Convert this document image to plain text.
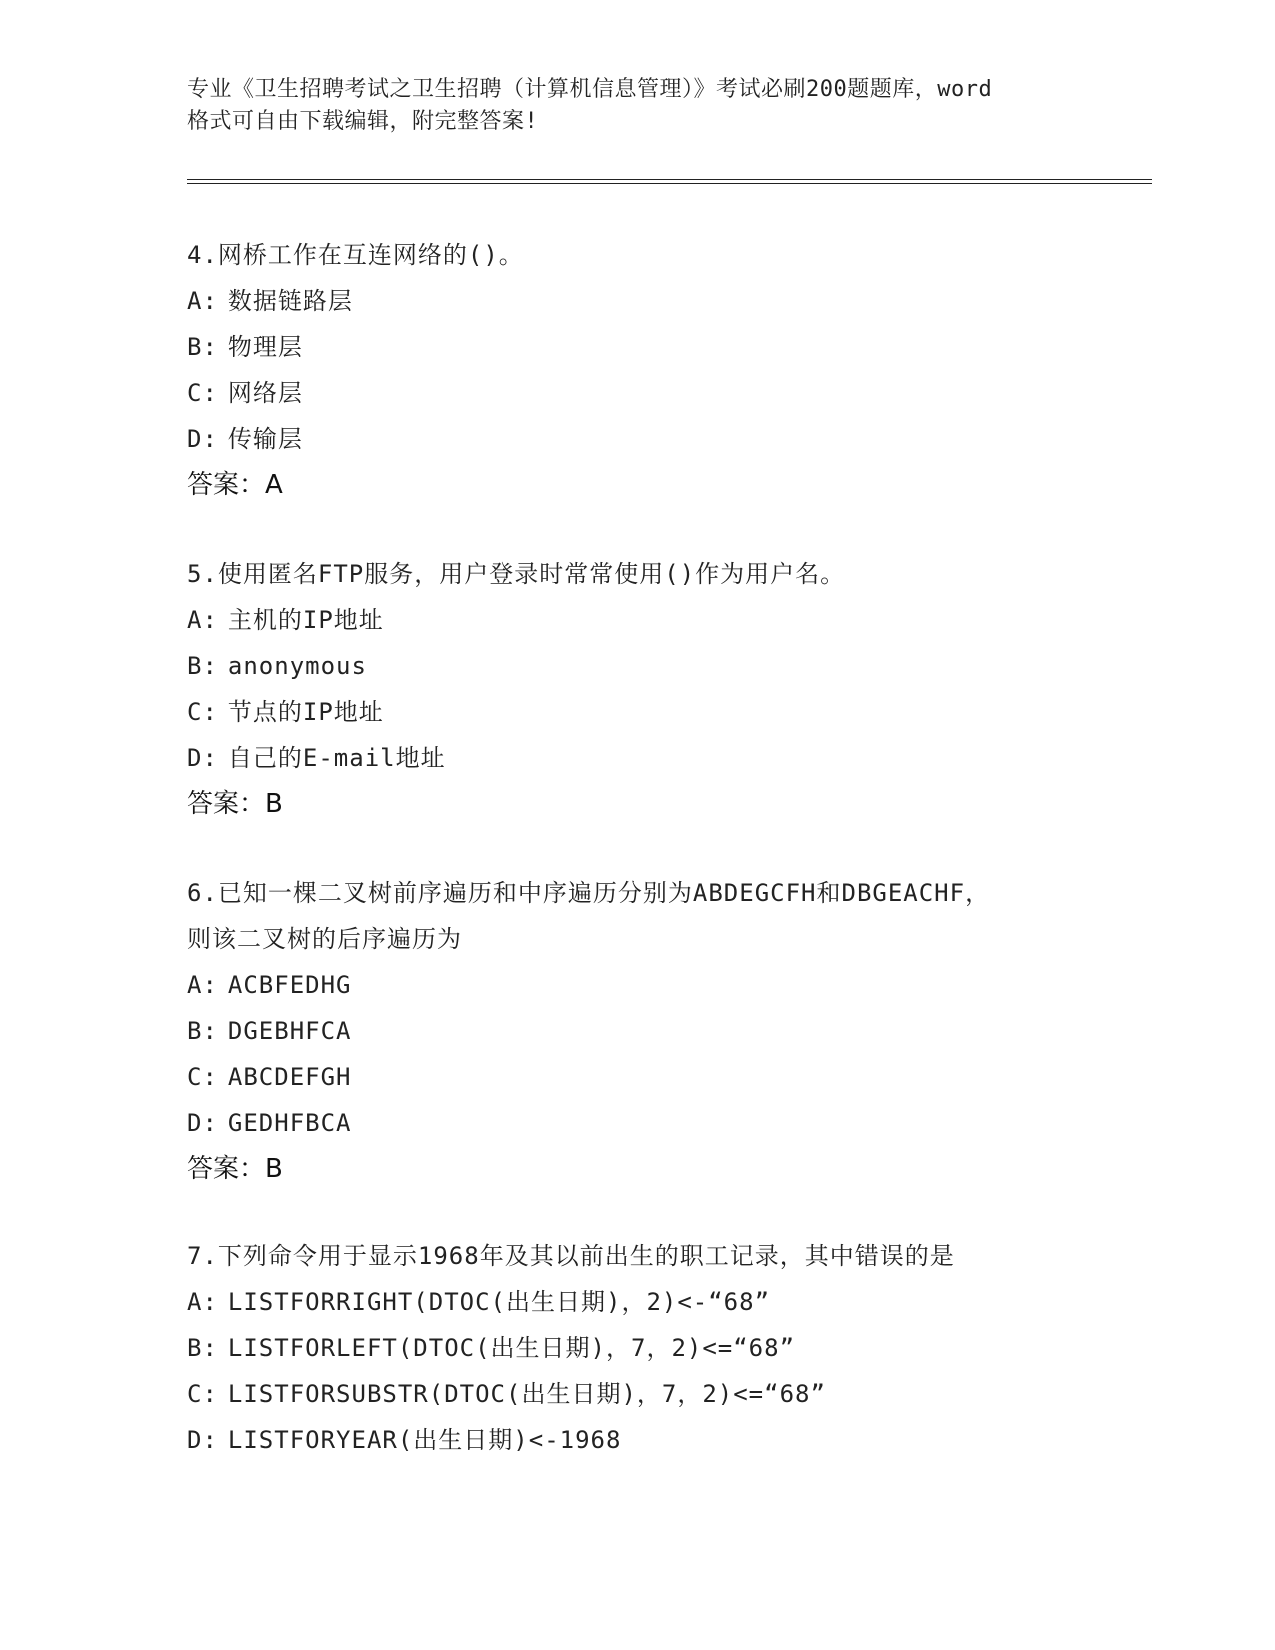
专业《卫生招聘考试之卫生招聘（计算机信息管理）》考试必刷200题题库，word
格式可自由下载编辑，附完整答案!
4.网桥工作在互连网络的()。
A: 数据链路层
B: 物理层
C: 网络层
D: 传输层
答案：A
5.使用匿名FTP服务，用户登录时常常使用()作为用户名。
A: 主机的IP地址
B: anonymous
C: 节点的IP地址
D: 自己的E-mail地址
答案：B
6.已知一棵二叉树前序遍历和中序遍历分别为ABDEGCFH和DBGEACHF，
则该二叉树的后序遍历为
A: ACBFEDHG
B: DGEBHFCA
C: ABCDEFGH
D: GEDHFBCA
答案：B
7.下列命令用于显示1968年及其以前出生的职工记录，其中错误的是
A: LISTFORRIGHT(DTOC(出生日期)，2)<-“68”
B: LISTFORLEFT(DTOC(出生日期)，7，2)<=“68”
C: LISTFORSUBSTR(DTOC(出生日期)，7，2)<=“68”
D: LISTFORYEAR(出生日期)<-1968
